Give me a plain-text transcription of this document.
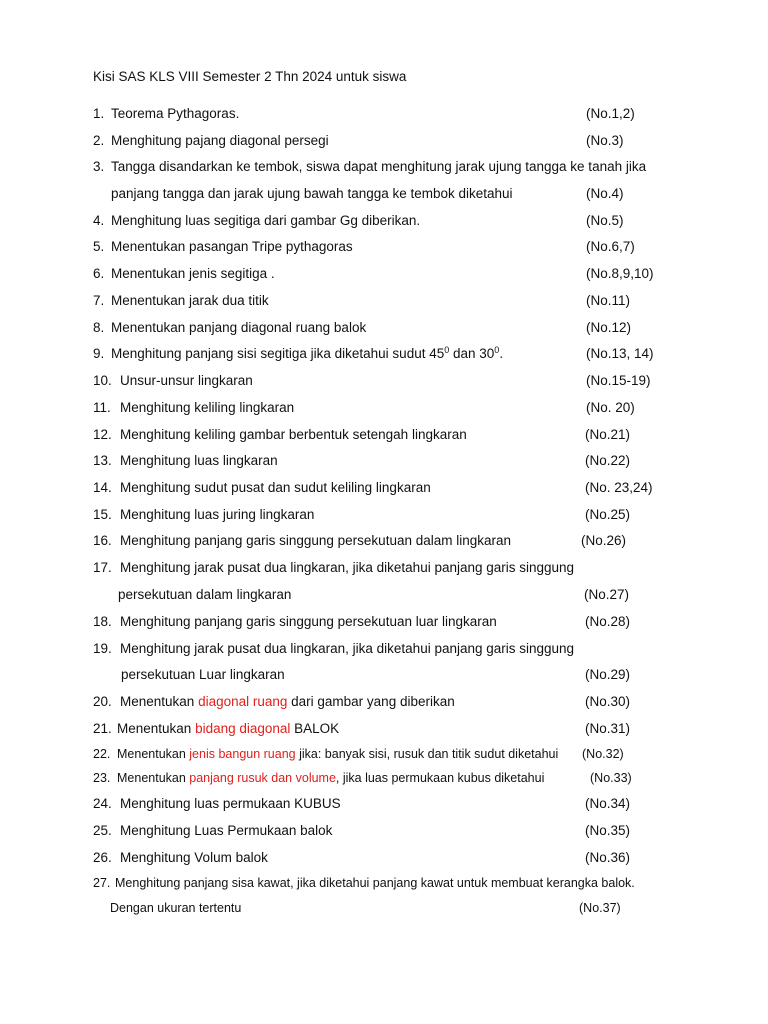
Kisi SAS KLS VIII Semester 2 Thn 2024 untuk siswa
1. Teorema Pythagoras.	(No.1,2)
2. Menghitung pajang diagonal persegi	(No.3)
3. Tangga disandarkan ke tembok, siswa dapat menghitung jarak ujung tangga ke tanah jika
panjang tangga dan jarak ujung bawah tangga ke tembok diketahui	(No.4)
4. Menghitung luas segitiga dari gambar Gg diberikan.	(No.5)
5. Menentukan pasangan Tripe pythagoras	(No.6,7)
6. Menentukan jenis segitiga .	(No.8,9,10)
7. Menentukan jarak dua titik	(No.11)
8. Menentukan panjang diagonal ruang balok	(No.12)
9. Menghitung panjang sisi segitiga jika diketahui sudut $45^0$ dan $30^0$.	(No.13, 14)
10. Unsur-unsur lingkaran	(No.15-19)
11. Menghitung keliling lingkaran	(No. 20)
12. Menghitung keliling gambar berbentuk setengah lingkaran	(No.21)
13. Menghitung luas lingkaran	(No.22)
14. Menghitung sudut pusat dan sudut keliling lingkaran	(No. 23,24)
15. Menghitung luas juring lingkaran	(No.25)
16. Menghitung panjang garis singgung persekutuan dalam lingkaran	(No.26)
17. Menghitung jarak pusat dua lingkaran, jika diketahui panjang garis singgung
persekutuan dalam lingkaran	(No.27)
18. Menghitung panjang garis singgung persekutuan luar lingkaran	(No.28)
19. Menghitung jarak pusat dua lingkaran, jika diketahui panjang garis singgung
persekutuan Luar lingkaran	(No.29)
20. Menentukan diagonal ruang dari gambar yang diberikan	(No.30)
21. Menentukan bidang diagonal BALOK	(No.31)
22. Menentukan jenis bangun ruang jika: banyak sisi, rusuk dan titik sudut diketahui (No.32)
23. Menentukan panjang rusuk dan volume, jika luas permukaan kubus diketahui	(No.33)
24. Menghitung luas permukaan KUBUS	(No.34)
25. Menghitung Luas Permukaan balok	(No.35)
26. Menghitung Volum balok	(No.36)
27. Menghitung panjang sisa kawat, jika diketahui panjang kawat untuk membuat kerangka balok.
Dengan ukuran tertentu	(No.37)
